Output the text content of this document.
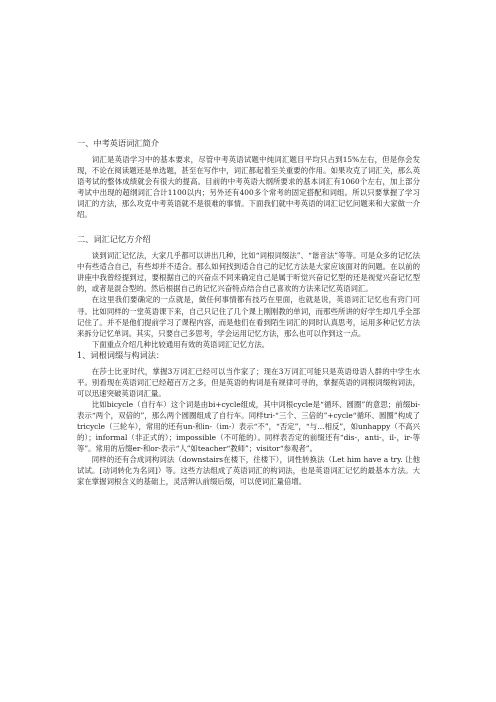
一、中考英语词汇简介

词汇是英语学习中的基本要求，尽管中考英语试题中纯词汇题目平均只占到15%左右，但是你会发现，不论在阅读题还是单选题，甚至在写作中，词汇都起着至关重要的作用。如果攻克了词汇关，那么英语考试的整体成绩就会有很大的提高。目前的中考英语大纲所要求的基本词汇有1060个左右，加上部分考试中出现的超纲词汇合计1100以内；另外还有400多个常考的固定搭配和词组。所以只要掌握了学习词汇的方法，那么攻克中考英语就不是很难的事情。下面我们就中考英语的词汇记忆问题来和大家做一介绍。

二、词汇记忆方介绍

谈到词汇记忆法，大家几乎都可以讲出几种，比如“词根词缀法”、“谐音法”等等。可是众多的记忆法中有些适合自己，有些却并不适合。那么如何找到适合自己的记忆方法是大家应该面对的问题。在以前的讲座中我曾经提到过，要根据自己的兴奋点不同来确定自己是属于听觉兴奋记忆型的还是视觉兴奋记忆型的，或者是混合型的。然后根据自己的记忆兴奋特点结合自己喜欢的方法来记忆英语词汇。

在这里我们要确定的一点就是，做任何事情都有技巧在里面，也就是说，英语词汇记忆也有窍门可寻。比如同样的一堂英语课下来，自己只记住了几个课上刚刚教的单词，而那些所讲的好学生却几乎全部记住了。并不是他们提前学习了课程内容，而是他们在看到陌生词汇的同时认真思考，运用多种记忆方法来拆分记忆单词。其实，只要自己多思考，学会运用记忆方法，那么也可以作到这一点。

下面重点介绍几种比较通用有效的英语词汇记忆方法。

1、词根词缀与构词法：

在莎士比亚时代，掌握3万词汇已经可以当作家了；现在3万词汇可能只是英语母语人群的中学生水平。别看现在英语词汇已经超百万之多，但是英语的构词是有规律可寻的，掌握英语的词根词缀构词法，可以迅速突破英语词汇量。

比如bicycle（自行车）这个词是由bi+cycle组成，其中词根cycle是“循环、圆圈”的意思；前缀bi-表示“两个，双倍的”，那么两个圆圈组成了自行车。同样tri-“三个、三倍的”+cycle“循环、圆圈”构成了tricycle（三轮车），常用的还有un-和in-（im-）表示“不”，“否定”，“与…相反”，如unhappy（不高兴的）；informal（非正式的）；impossible（不可能的）。同样表否定的前缀还有“dis-，anti-，il-，ir-等等”。常用的后缀er-和or-表示“人”如teacher“教师”；visitor“参观者”。

同样的还有合成词构词法（downstairs在楼下，往楼下），词性转换法（Let him have a try. 让他试试。[动词转化为名词]）等。这些方法组成了英语词汇的构词法，也是英语词汇记忆的最基本方法。大家在掌握词根含义的基础上，灵活辨认前缀后缀，可以使词汇量倍增。
